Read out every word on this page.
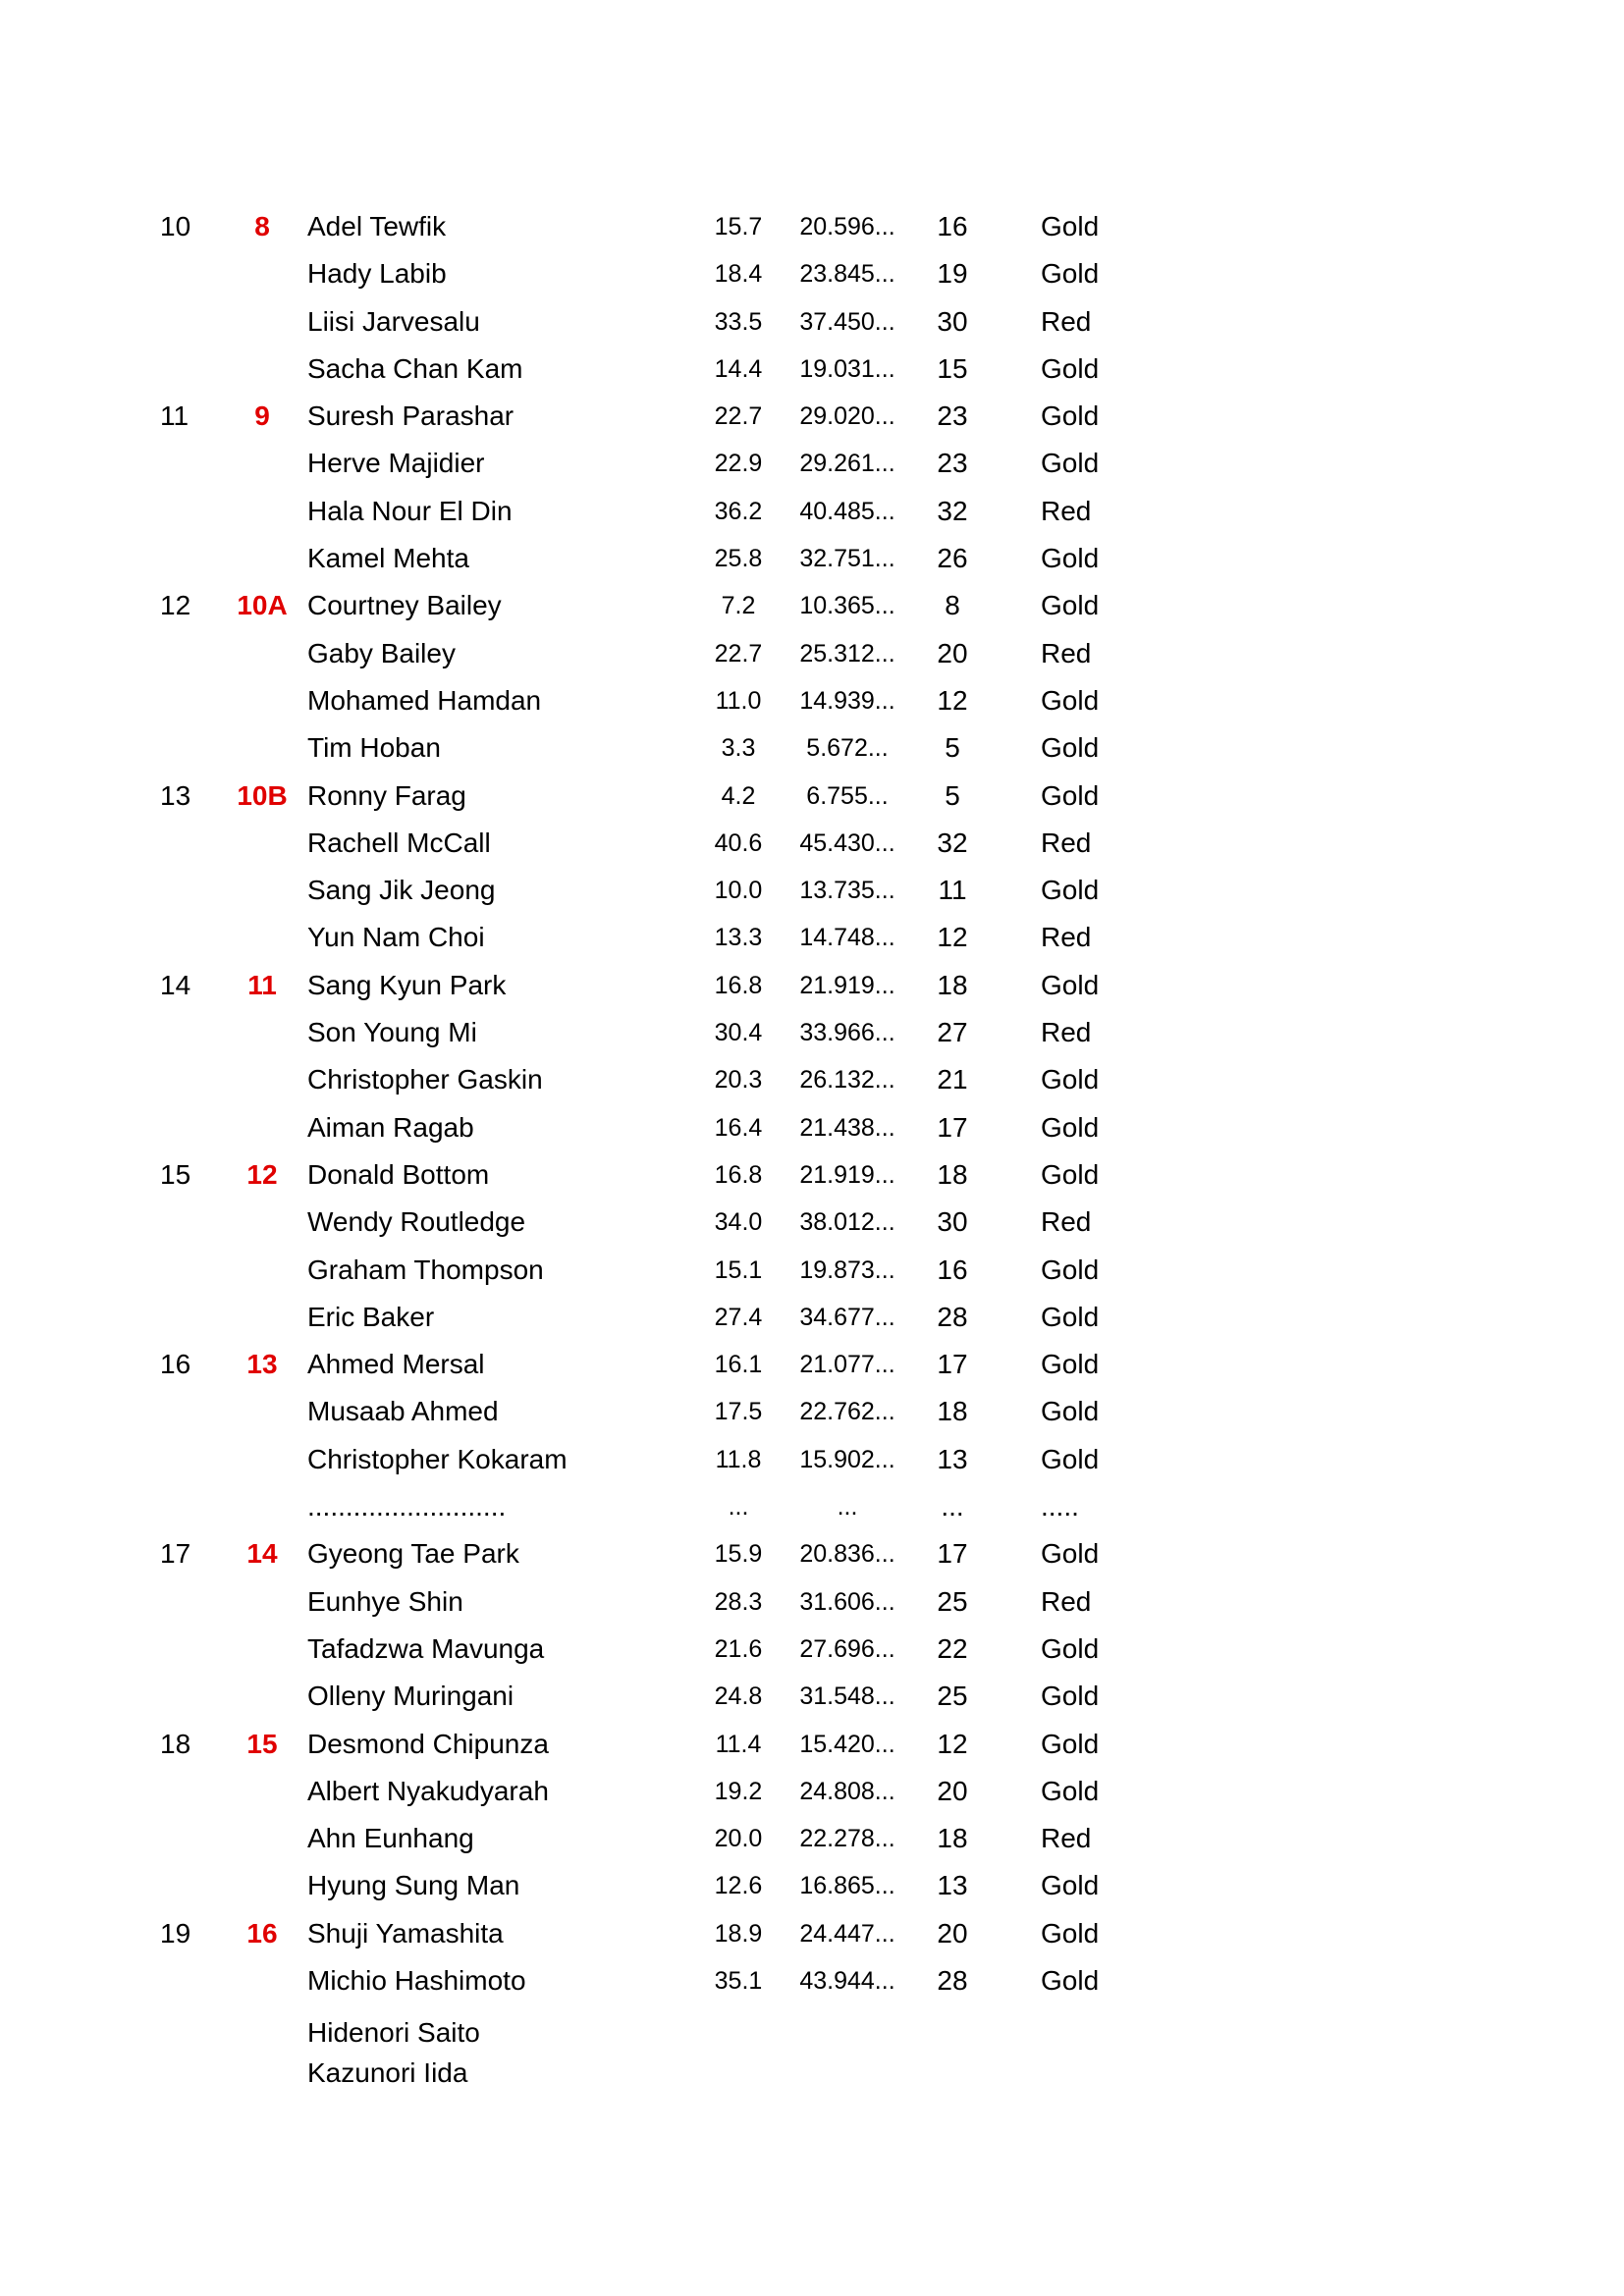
10	8	Adel Tewfik	15.7	20.596...	16	Gold
Hady Labib	18.4	23.845...	19	Gold
Liisi Jarvesalu	33.5	37.450...	30	Red
Sacha Chan Kam	14.4	19.031...	15	Gold
11	9	Suresh Parashar	22.7	29.020...	23	Gold
Herve Majidier	22.9	29.261...	23	Gold
Hala Nour El Din	36.2	40.485...	32	Red
Kamel Mehta	25.8	32.751...	26	Gold
12 10A Courtney Bailey	7.2	10.365...	8	Gold
Gaby Bailey	22.7	25.312...	20	Red
Mohamed Hamdan	11.0	14.939...	12	Gold
Tim Hoban	3.3	5.672...	5	Gold
13 10B Ronny Farag	4.2	6.755...	5	Gold
Rachell McCall	40.6	45.430...	32	Red
Sang Jik Jeong	10.0	13.735...	11	Gold
Yun Nam Choi	13.3	14.748...	12	Red
14	11	Sang Kyun Park	16.8	21.919...	18	Gold
Son Young Mi	30.4	33.966...	27	Red
Christopher Gaskin	20.3	26.132...	21	Gold
Aiman Ragab	16.4	21.438...	17	Gold
15	12	Donald Bottom	16.8	21.919...	18	Gold
Wendy Routledge	34.0	38.012...	30	Red
Graham Thompson	15.1	19.873...	16	Gold
Eric Baker	27.4	34.677...	28	Gold
16	13	Ahmed Mersal	16.1	21.077...	17	Gold
Musaab Ahmed	17.5	22.762...	18	Gold
Christopher Kokaram	11.8	15.902...	13	Gold
..........................	...	...	...	.....
17	14	Gyeong Tae Park	15.9	20.836...	17	Gold
Eunhye Shin	28.3	31.606...	25	Red
Tafadzwa Mavunga	21.6	27.696...	22	Gold
Olleny Muringani	24.8	31.548...	25	Gold
18	15	Desmond Chipunza	11.4	15.420...	12	Gold
Albert Nyakudyarah	19.2	24.808...	20	Gold
Ahn Eunhang	20.0	22.278...	18	Red
Hyung Sung Man	12.6	16.865...	13	Gold
19	16	Shuji Yamashita	18.9	24.447...	20	Gold
Michio Hashimoto	35.1	43.944...	28	Gold
Hidenori Saito
Kazunori Iida
